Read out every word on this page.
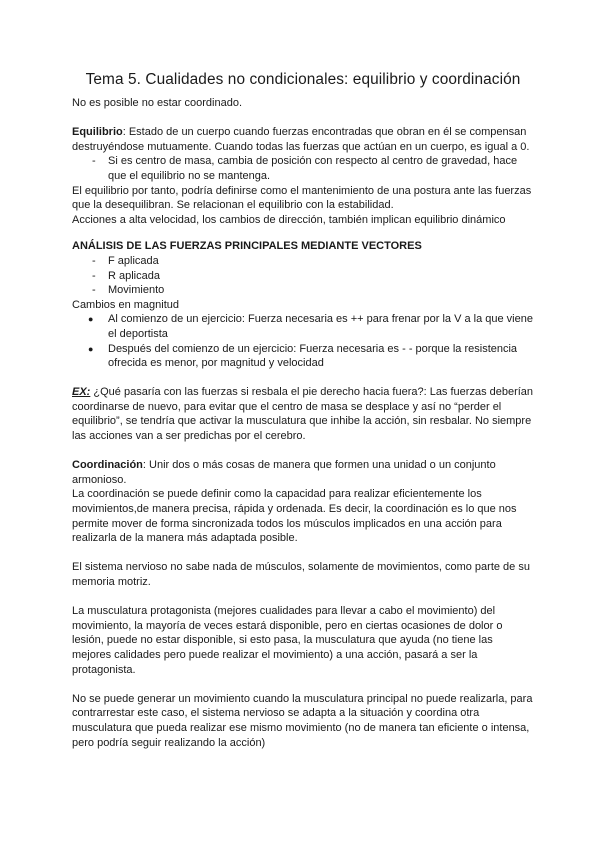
Tema 5. Cualidades no condicionales: equilibrio y coordinación

No es posible no estar coordinado.

Equilibrio: Estado de un cuerpo cuando fuerzas encontradas que obran en él se compensan destruyéndose mutuamente. Cuando todas las fuerzas que actúan en un cuerpo, es igual a 0.

- Si es centro de masa, cambia de posición con respecto al centro de gravedad, hace que el equilibrio no se mantenga.

El equilibrio por tanto, podría definirse como el mantenimiento de una postura ante las fuerzas que la desequilibran. Se relacionan el equilibrio con la estabilidad.

Acciones a alta velocidad, los cambios de dirección, también implican equilibrio dinámico

ANÁLISIS DE LAS FUERZAS PRINCIPALES MEDIANTE VECTORES

- F aplicada
- R aplicada
- Movimiento

Cambios en magnitud

● Al comienzo de un ejercicio: Fuerza necesaria es ++ para frenar por la V a la que viene el deportista
● Después del comienzo de un ejercicio: Fuerza necesaria es - - porque la resistencia ofrecida es menor, por magnitud y velocidad

EX: ¿Qué pasaría con las fuerzas si resbala el pie derecho hacia fuera?: Las fuerzas deberían coordinarse de nuevo, para evitar que el centro de masa se desplace y así no “perder el equilibrio”, se tendría que activar la musculatura que inhibe la acción, sin resbalar. No siempre las acciones van a ser predichas por el cerebro.

Coordinación: Unir dos o más cosas de manera que formen una unidad o un conjunto armonioso.

La coordinación se puede definir como la capacidad para realizar eficientemente los movimientos,de manera precisa, rápida y ordenada. Es decir, la coordinación es lo que nos permite mover de forma sincronizada todos los músculos implicados en una acción para realizarla de la manera más adaptada posible.

El sistema nervioso no sabe nada de músculos, solamente de movimientos, como parte de su memoria motriz.

La musculatura protagonista (mejores cualidades para llevar a cabo el movimiento) del movimiento, la mayoría de veces estará disponible, pero en ciertas ocasiones de dolor o lesión, puede no estar disponible, si esto pasa, la musculatura que ayuda (no tiene las mejores calidades pero puede realizar el movimiento) a una acción, pasará a ser la protagonista.

No se puede generar un movimiento cuando la musculatura principal no puede realizarla, para contrarrestar este caso, el sistema nervioso se adapta a la situación y coordina otra musculatura que pueda realizar ese mismo movimiento (no de manera tan eficiente o intensa, pero podría seguir realizando la acción)
